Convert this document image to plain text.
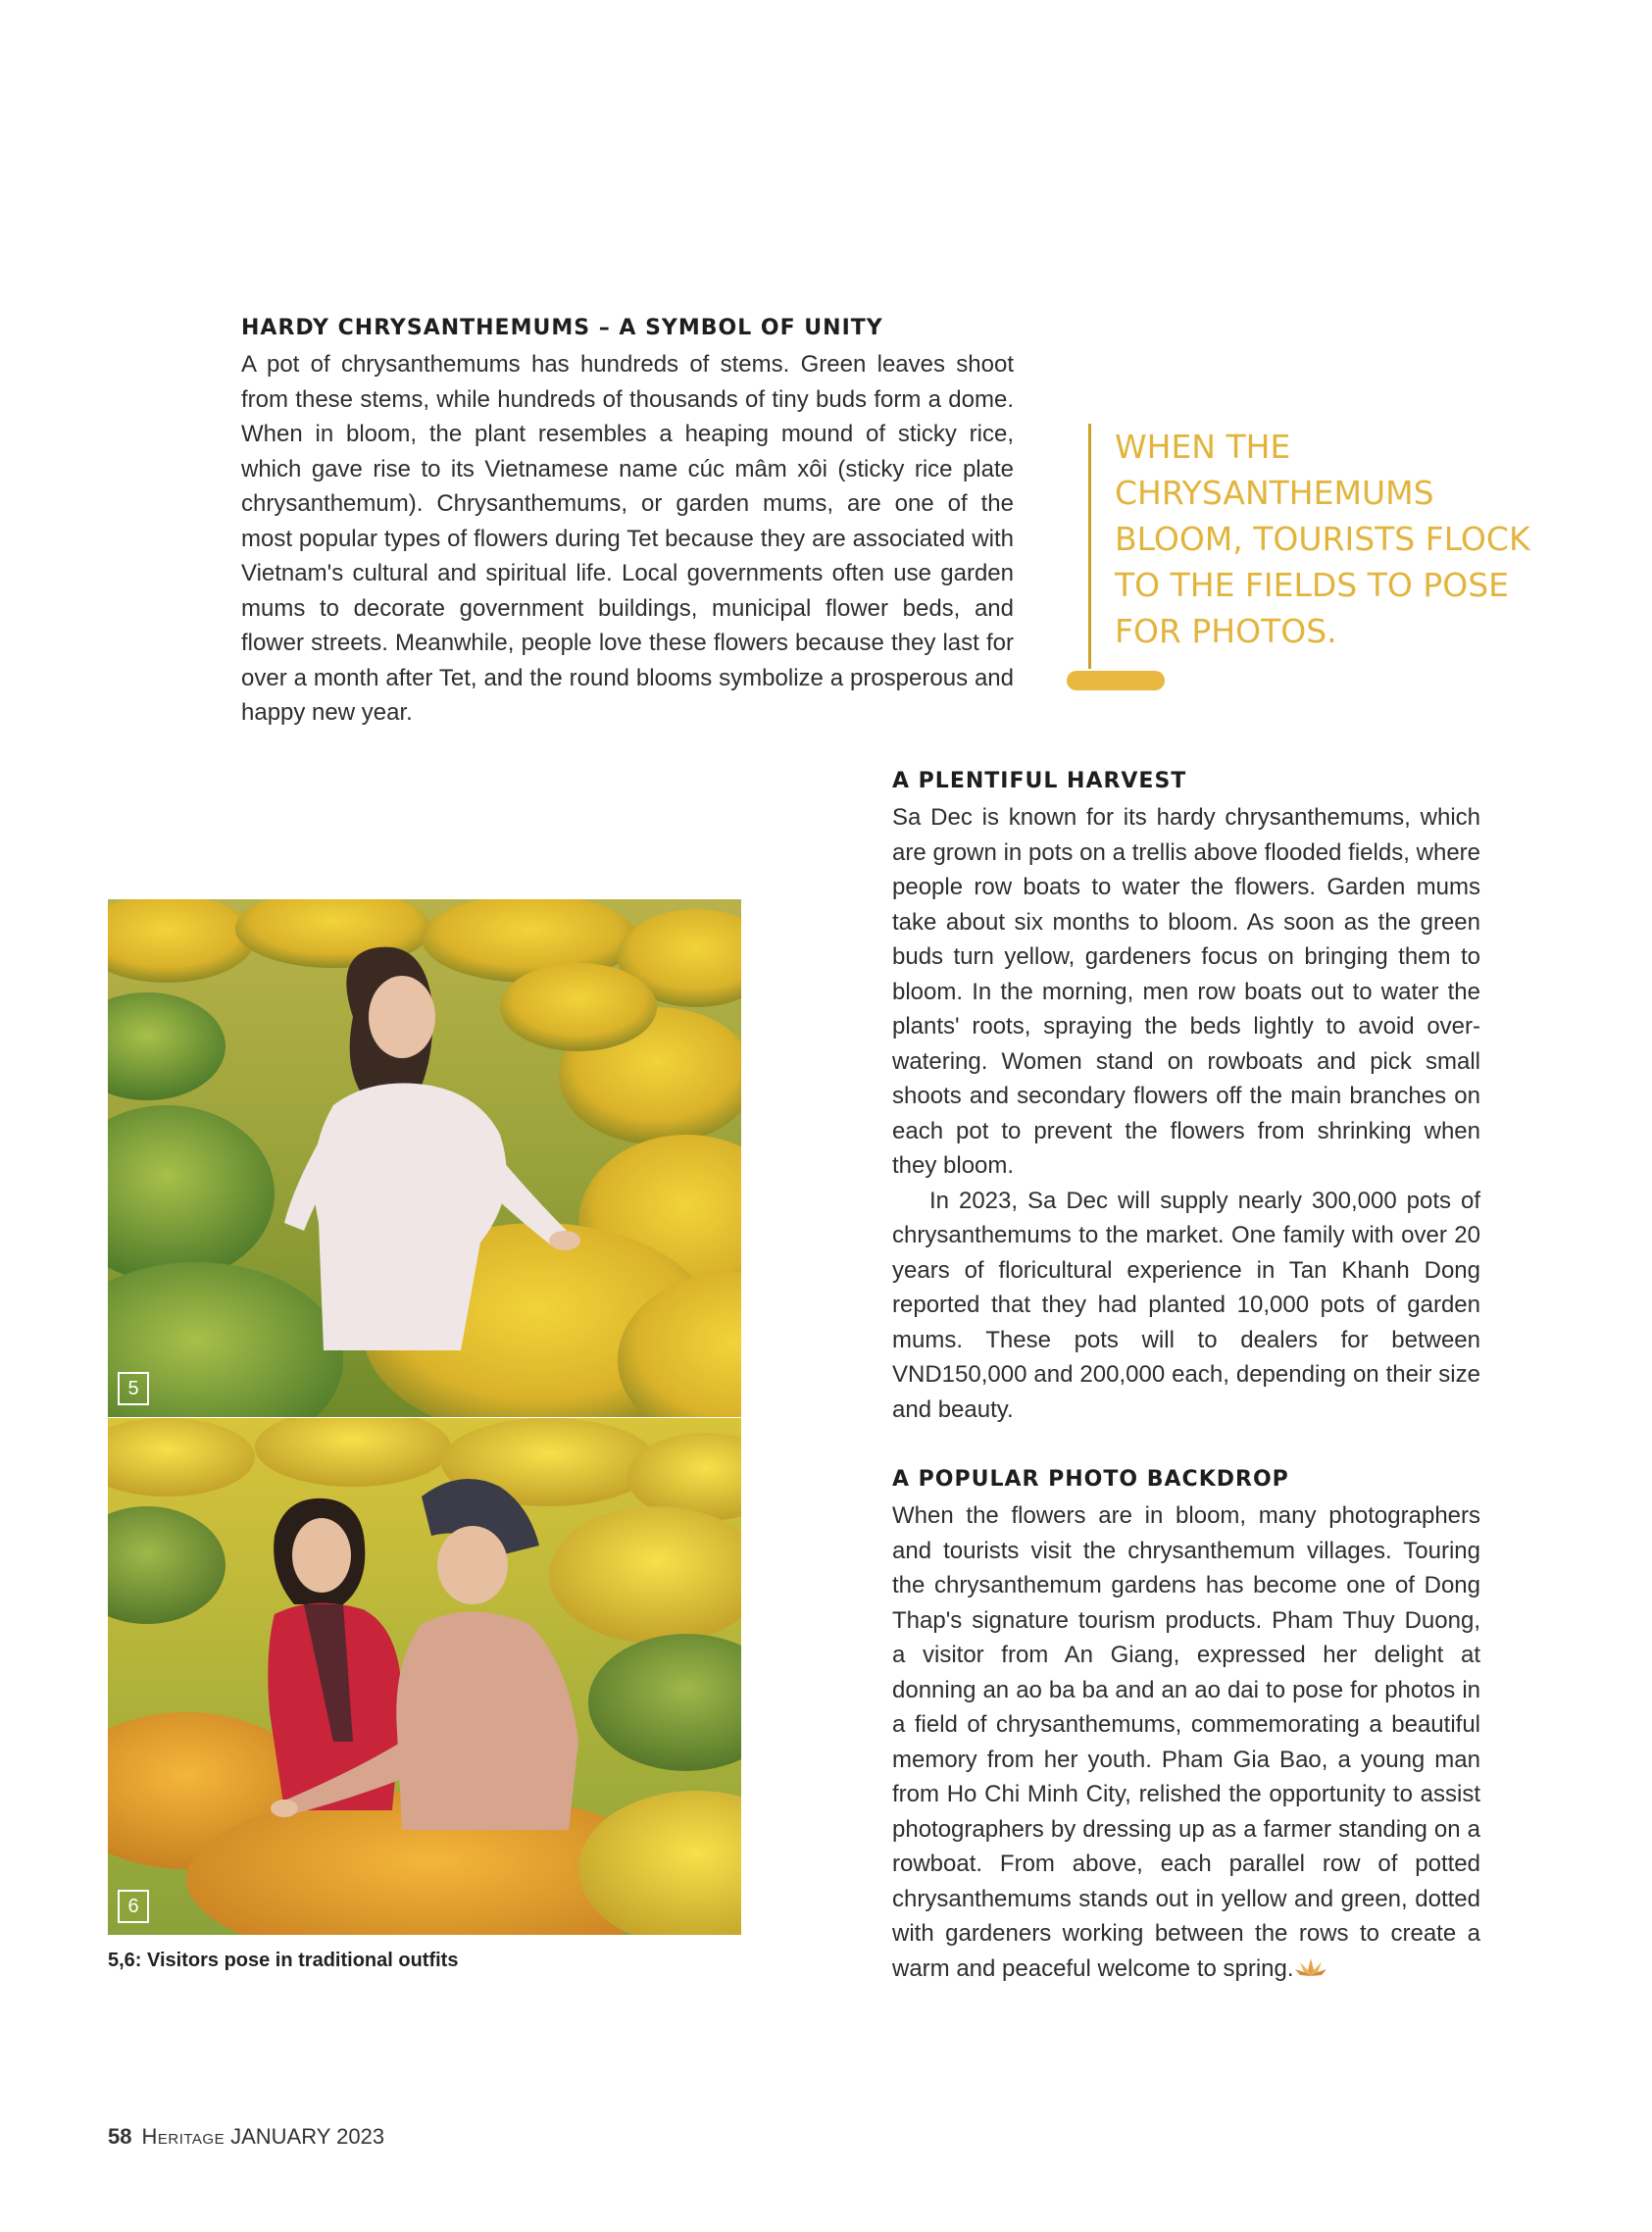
HARDY CHRYSANTHEMUMS – A SYMBOL OF UNITY

A pot of chrysanthemums has hundreds of stems. Green leaves shoot from these stems, while hundreds of thousands of tiny buds form a dome. When in bloom, the plant resembles a heaping mound of sticky rice, which gave rise to its Vietnamese name cúc mâm xôi (sticky rice plate chrysanthemum). Chrysanthemums, or garden mums, are one of the most popular types of flowers during Tet because they are associated with Vietnam's cultural and spiritual life. Local governments often use garden mums to decorate government buildings, municipal flower beds, and flower streets. Meanwhile, people love these flowers because they last for over a month after Tet, and the round blooms symbolize a prosperous and happy new year.

WHEN THE CHRYSANTHEMUMS BLOOM, TOURISTS FLOCK TO THE FIELDS TO POSE FOR PHOTOS.

A PLENTIFUL HARVEST

Sa Dec is known for its hardy chrysanthemums, which are grown in pots on a trellis above flooded fields, where people row boats to water the flowers. Garden mums take about six months to bloom. As soon as the green buds turn yellow, gardeners focus on bringing them to bloom. In the morning, men row boats out to water the plants' roots, spraying the beds lightly to avoid over-watering. Women stand on rowboats and pick small shoots and secondary flowers off the main branches on each pot to prevent the flowers from shrinking when they bloom.

In 2023, Sa Dec will supply nearly 300,000 pots of chrysanthemums to the market. One family with over 20 years of floricultural experience in Tan Khanh Dong reported that they had planted 10,000 pots of garden mums. These pots will to dealers for between VND150,000 and 200,000 each, depending on their size and beauty.

A POPULAR PHOTO BACKDROP

When the flowers are in bloom, many photographers and tourists visit the chrysanthemum villages. Touring the chrysanthemum gardens has become one of Dong Thap's signature tourism products. Pham Thuy Duong, a visitor from An Giang, expressed her delight at donning an ao ba ba and an ao dai to pose for photos in a field of chrysanthemums, commemorating a beautiful memory from her youth. Pham Gia Bao, a young man from Ho Chi Minh City, relished the opportunity to assist photographers by dressing up as a farmer standing on a rowboat. From above, each parallel row of potted chrysanthemums stands out in yellow and green, dotted with gardeners working between the rows to create a warm and peaceful welcome to spring.

5
6
5,6: Visitors pose in traditional outfits
58 Heritage JANUARY 2023
